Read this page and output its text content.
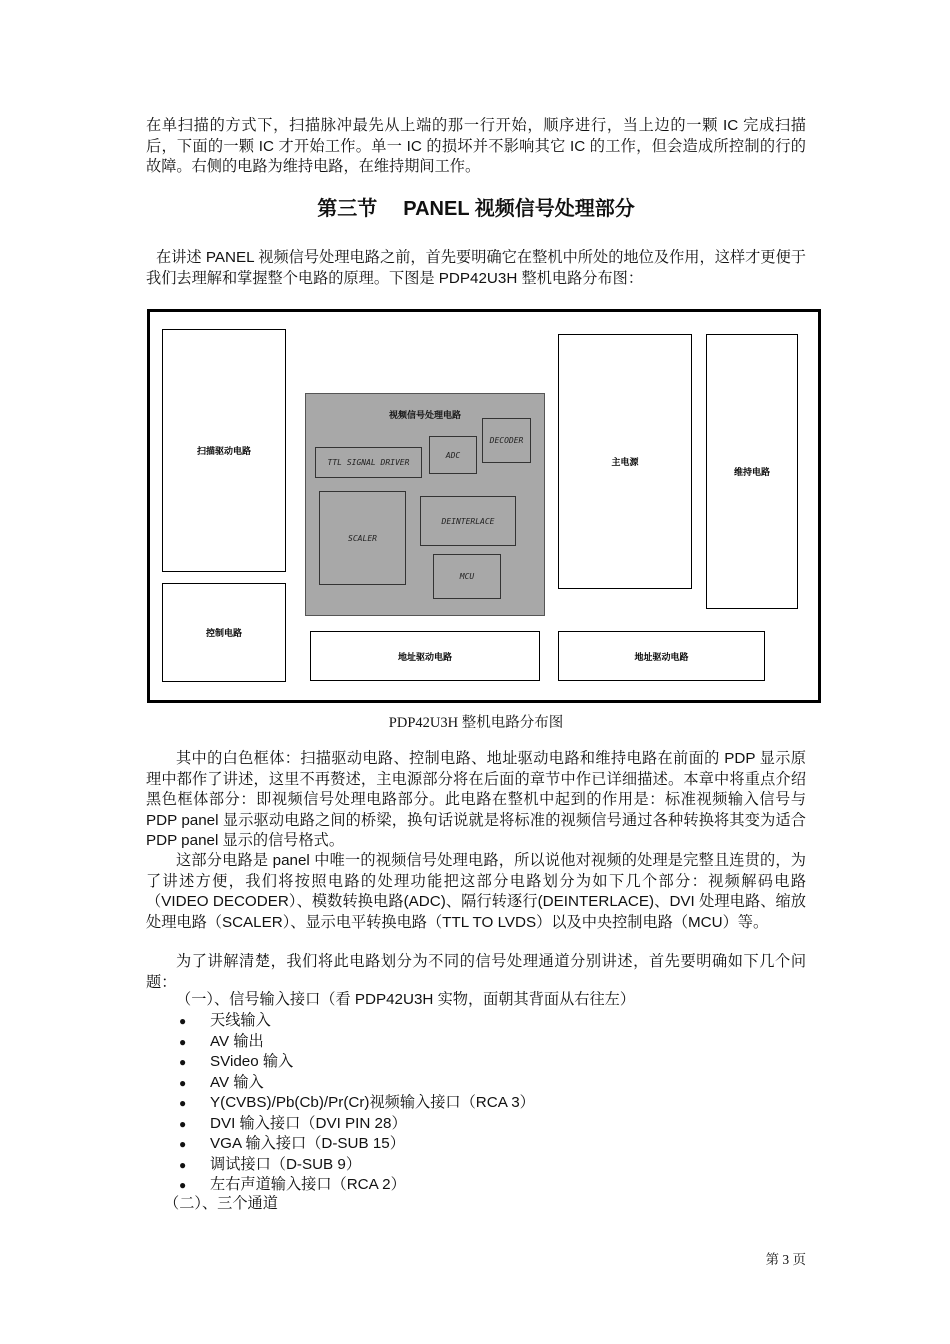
在单扫描的方式下，扫描脉冲最先从上端的那一行开始，顺序进行，当上边的一颗 IC 完成扫描后，下面的一颗 IC 才开始工作。单一 IC 的损坏并不影响其它 IC 的工作，但会造成所控制的行的故障。右侧的电路为维持电路，在维持期间工作。

第三节 PANEL 视频信号处理部分

在讲述 PANEL 视频信号处理电路之前，首先要明确它在整机中所处的地位及作用，这样才更便于我们去理解和掌握整个电路的原理。下图是 PDP42U3H 整机电路分布图：

扫描驱动电路
控制电路
视频信号处理电路
TTL SIGNAL DRIVER
ADC
DECODER
SCALER
DEINTERLACE
MCU
主电源
维持电路
地址驱动电路	地址驱动电路
PDP42U3H 整机电路分布图

其中的白色框体：扫描驱动电路、控制电路、地址驱动电路和维持电路在前面的 PDP 显示原理中都作了讲述，这里不再赘述，主电源部分将在后面的章节中作已详细描述。本章中将重点介绍黑色框体部分：即视频信号处理电路部分。此电路在整机中起到的作用是：标准视频输入信号与 PDP panel 显示驱动电路之间的桥梁，换句话说就是将标准的视频信号通过各种转换将其变为适合 PDP panel 显示的信号格式。

这部分电路是 panel 中唯一的视频信号处理电路，所以说他对视频的处理是完整且连贯的，为了讲述方便，我们将按照电路的处理功能把这部分电路划分为如下几个部分：视频解码电路（VIDEO DECODER）、模数转换电路(ADC)、隔行转逐行(DEINTERLACE)、DVI 处理电路、缩放处理电路（SCALER）、显示电平转换电路（TTL TO LVDS）以及中央控制电路（MCU）等。

为了讲解清楚，我们将此电路划分为不同的信号处理通道分别讲述，首先要明确如下几个问题：

（一）、信号输入接口（看 PDP42U3H 实物，面朝其背面从右往左）

● 天线输入
● AV 输出
● SVideo 输入
● AV 输入
● Y(CVBS)/Pb(Cb)/Pr(Cr)视频输入接口（RCA 3）
● DVI 输入接口（DVI PIN 28）
● VGA 输入接口（D-SUB 15）
● 调试接口（D-SUB 9）
● 左右声道输入接口（RCA 2）

（二）、三个通道

第 3 页
